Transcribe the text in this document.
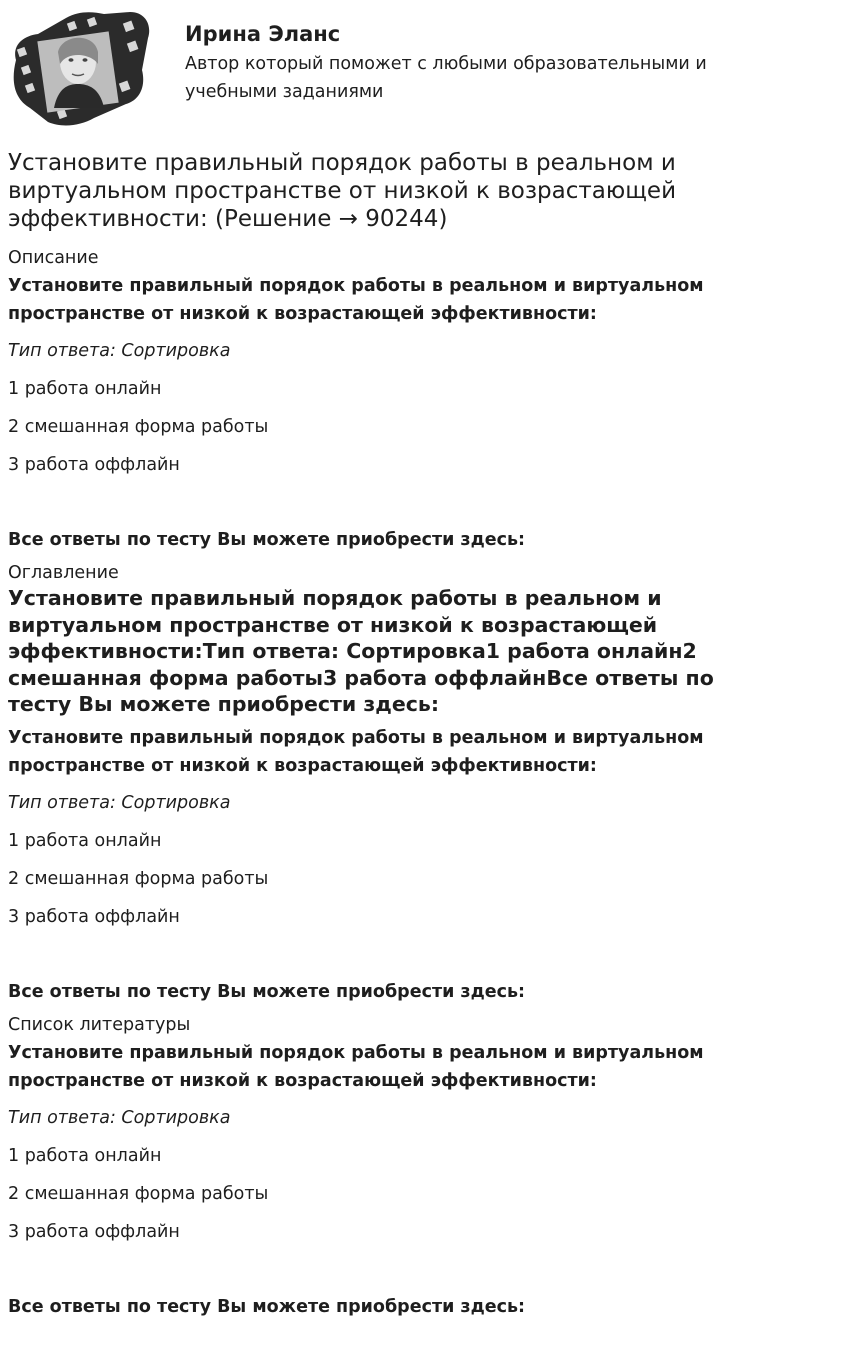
Ирина Эланс
Автор который поможет с любыми образовательными и
учебными заданиями
Установите правильный порядок работы в реальном и
виртуальном пространстве от низкой к возрастающей
эффективности: (Решение → 90244)
Описание
Установите правильный порядок работы в реальном и виртуальном
пространстве от низкой к возрастающей эффективности:
Тип ответа: Сортировка
1 работа онлайн
2 смешанная форма работы
3 работа оффлайн
Все ответы по тесту Вы можете приобрести здесь:
Оглавление
Установите правильный порядок работы в реальном и
виртуальном пространстве от низкой к возрастающей
эффективности:Тип ответа: Сортировка1 работа онлайн2
смешанная форма работы3 работа оффлайнВсе ответы по
тесту Вы можете приобрести здесь:
Установите правильный порядок работы в реальном и виртуальном
пространстве от низкой к возрастающей эффективности:
Тип ответа: Сортировка
1 работа онлайн
2 смешанная форма работы
3 работа оффлайн
Все ответы по тесту Вы можете приобрести здесь:
Список литературы
Установите правильный порядок работы в реальном и виртуальном
пространстве от низкой к возрастающей эффективности:
Тип ответа: Сортировка
1 работа онлайн
2 смешанная форма работы
3 работа оффлайн
Все ответы по тесту Вы можете приобрести здесь:
